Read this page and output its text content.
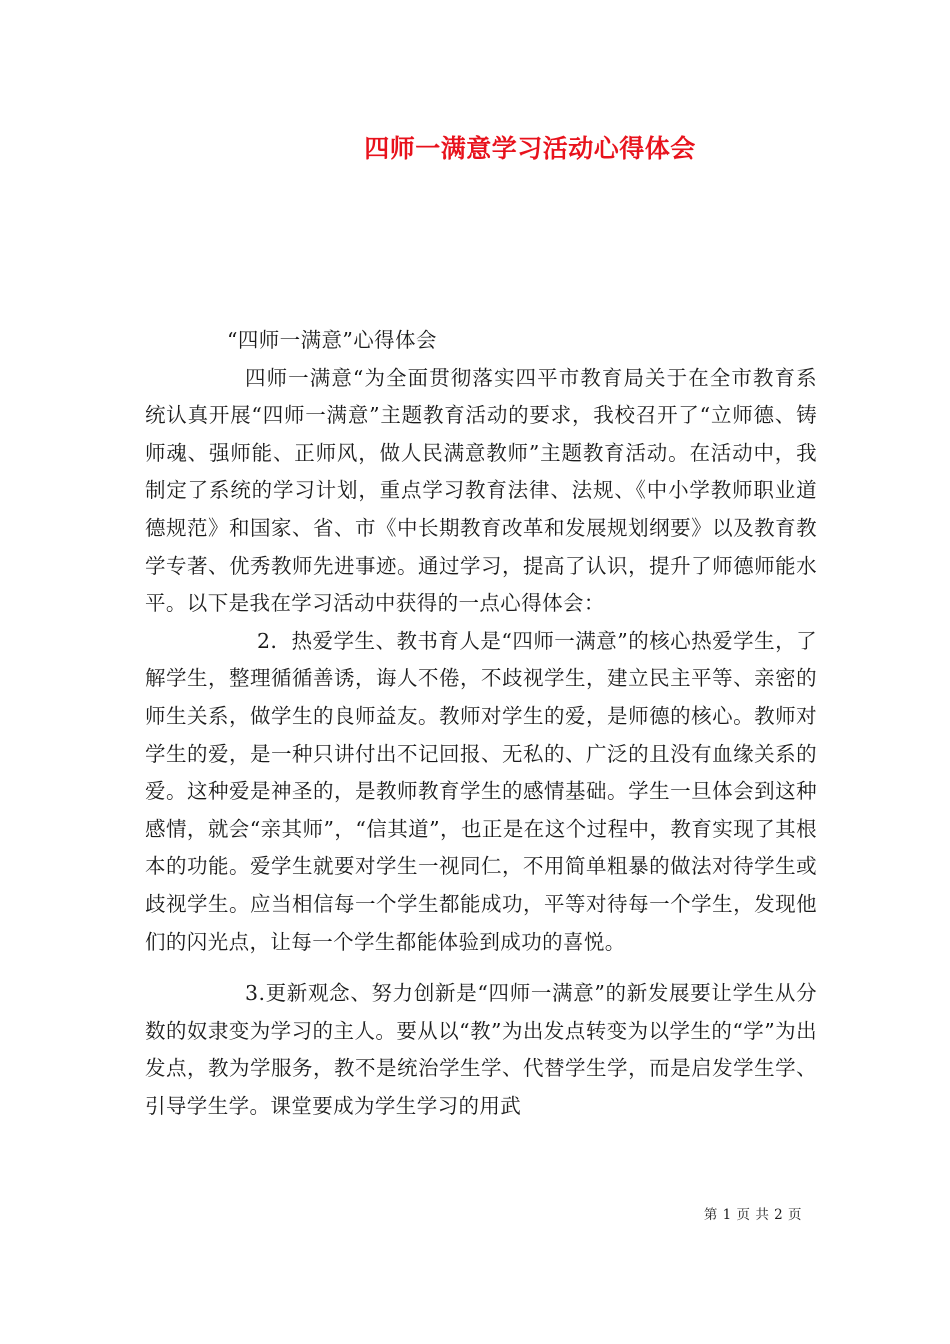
四师一满意学习活动心得体会

“四师一满意”心得体会

四师一满意“为全面贯彻落实四平市教育局关于在全市教育系统认真开展“四师一满意”主题教育活动的要求，我校召开了“立师德、铸师魂、强师能、正师风，做人民满意教师”主题教育活动。在活动中，我制定了系统的学习计划，重点学习教育法律、法规、《中小学教师职业道德规范》和国家、省、市《中长期教育改革和发展规划纲要》以及教育教学专著、优秀教师先进事迹。通过学习，提高了认识，提升了师德师能水平。以下是我在学习活动中获得的一点心得体会：

2．热爱学生、教书育人是“四师一满意”的核心热爱学生，了解学生，整理循循善诱，诲人不倦，不歧视学生，建立民主平等、亲密的师生关系，做学生的良师益友。教师对学生的爱，是师德的核心。教师对学生的爱，是一种只讲付出不记回报、无私的、广泛的且没有血缘关系的爱。这种爱是神圣的，是教师教育学生的感情基础。学生一旦体会到这种感情，就会“亲其师”，“信其道”，也正是在这个过程中，教育实现了其根本的功能。爱学生就要对学生一视同仁，不用简单粗暴的做法对待学生或歧视学生。应当相信每一个学生都能成功，平等对待每一个学生，发现他们的闪光点，让每一个学生都能体验到成功的喜悦。

3.更新观念、努力创新是“四师一满意”的新发展要让学生从分数的奴隶变为学习的主人。要从以“教”为出发点转变为以学生的“学”为出发点，教为学服务，教不是统治学生学、代替学生学，而是启发学生学、引导学生学。课堂要成为学生学习的用武

第 1 页 共 2 页
